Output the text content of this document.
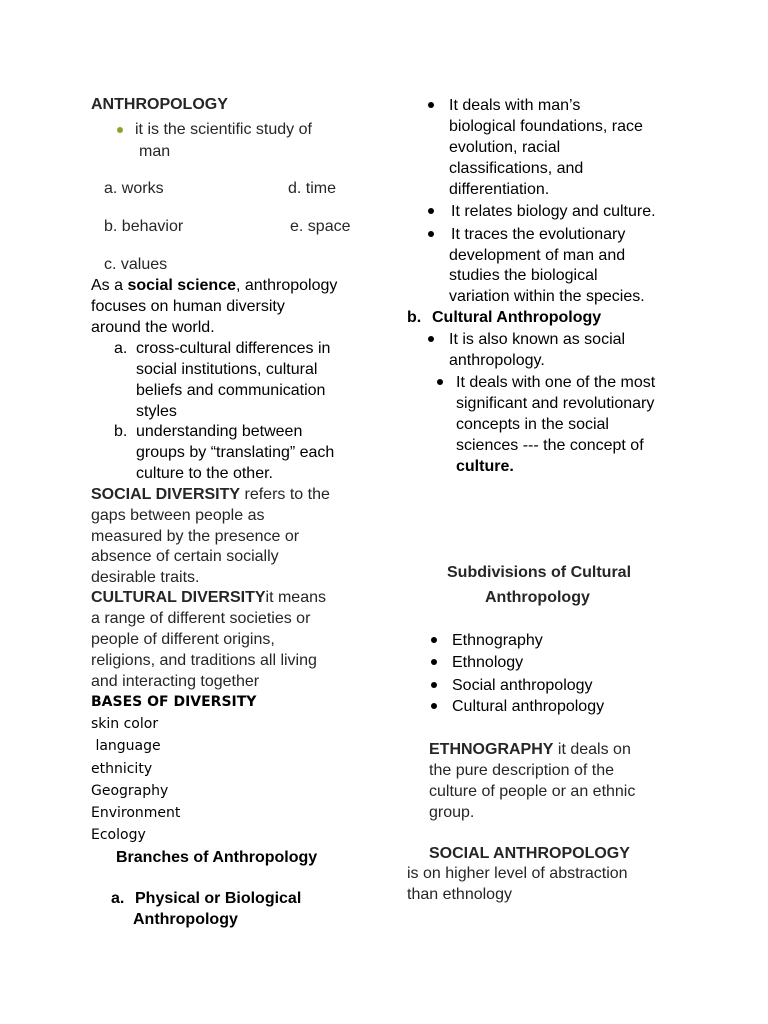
ANTHROPOLOGY
it is the scientific study of
man
a. works	d. time
b. behavior	e. space
c. values
As a social science, anthropology
focuses on human diversity
around the world.
a. cross-cultural differences in
social institutions, cultural
beliefs and communication
styles
b. understanding between
groups by “translating” each
culture to the other.
SOCIAL DIVERSITY refers to the
gaps between people as
measured by the presence or
absence of certain socially
desirable traits.
CULTURAL DIVERSITYit means
a range of different societies or
people of different origins,
religions, and traditions all living
and interacting together
BASES OF DIVERSITY
skin color
language
ethnicity
Geography
Environment
Ecology
Branches of Anthropology
a. Physical or Biological
Anthropology
It deals with man’s
biological foundations, race
evolution, racial
classifications, and
differentiation.
It relates biology and culture.
It traces the evolutionary
development of man and
studies the biological
variation within the species.
b. Cultural Anthropology
It is also known as social
anthropology.
It deals with one of the most
significant and revolutionary
concepts in the social
sciences --- the concept of
culture.
Subdivisions of Cultural
Anthropology
Ethnography
Ethnology
Social anthropology
Cultural anthropology
ETHNOGRAPHY it deals on
the pure description of the
culture of people or an ethnic
group.
SOCIAL ANTHROPOLOGY
is on higher level of abstraction
than ethnology
